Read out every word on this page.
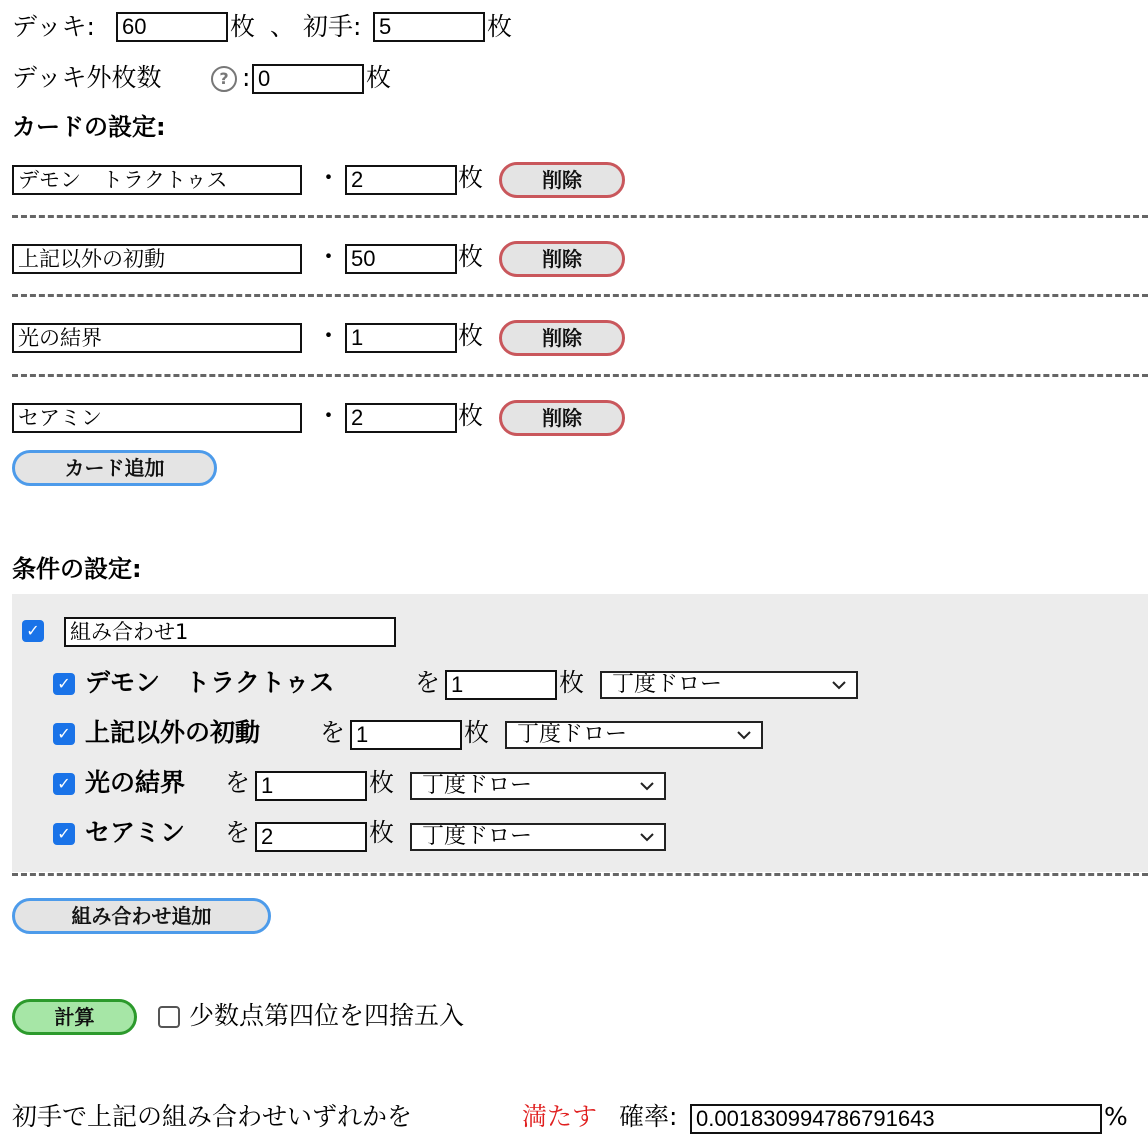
デッキ: 60	枚 、 初手: 5	枚
デッキ外枚数	? : 0	枚
カードの設定:
デモン　トラクトゥス	・ 2	枚	削除
上記以外の初動	・ 50	枚	削除
光の結界	・ 1	枚	削除
セアミン	・ 2	枚	削除
カード追加
条件の設定:
✓ 組み合わせ1
✓ デモン　トラクトゥス	を 1	枚	丁度ドロー
✓ 上記以外の初動 を 1	枚	丁度ドロー
✓ 光の結界 を 1	枚	丁度ドロー
✓ セアミン を 2	枚	丁度ドロー
組み合わせ追加
計算	少数点第四位を四捨五入
初手で上記の組み合わせいずれかを	満たす 確率: 0.001830994786791643	%
